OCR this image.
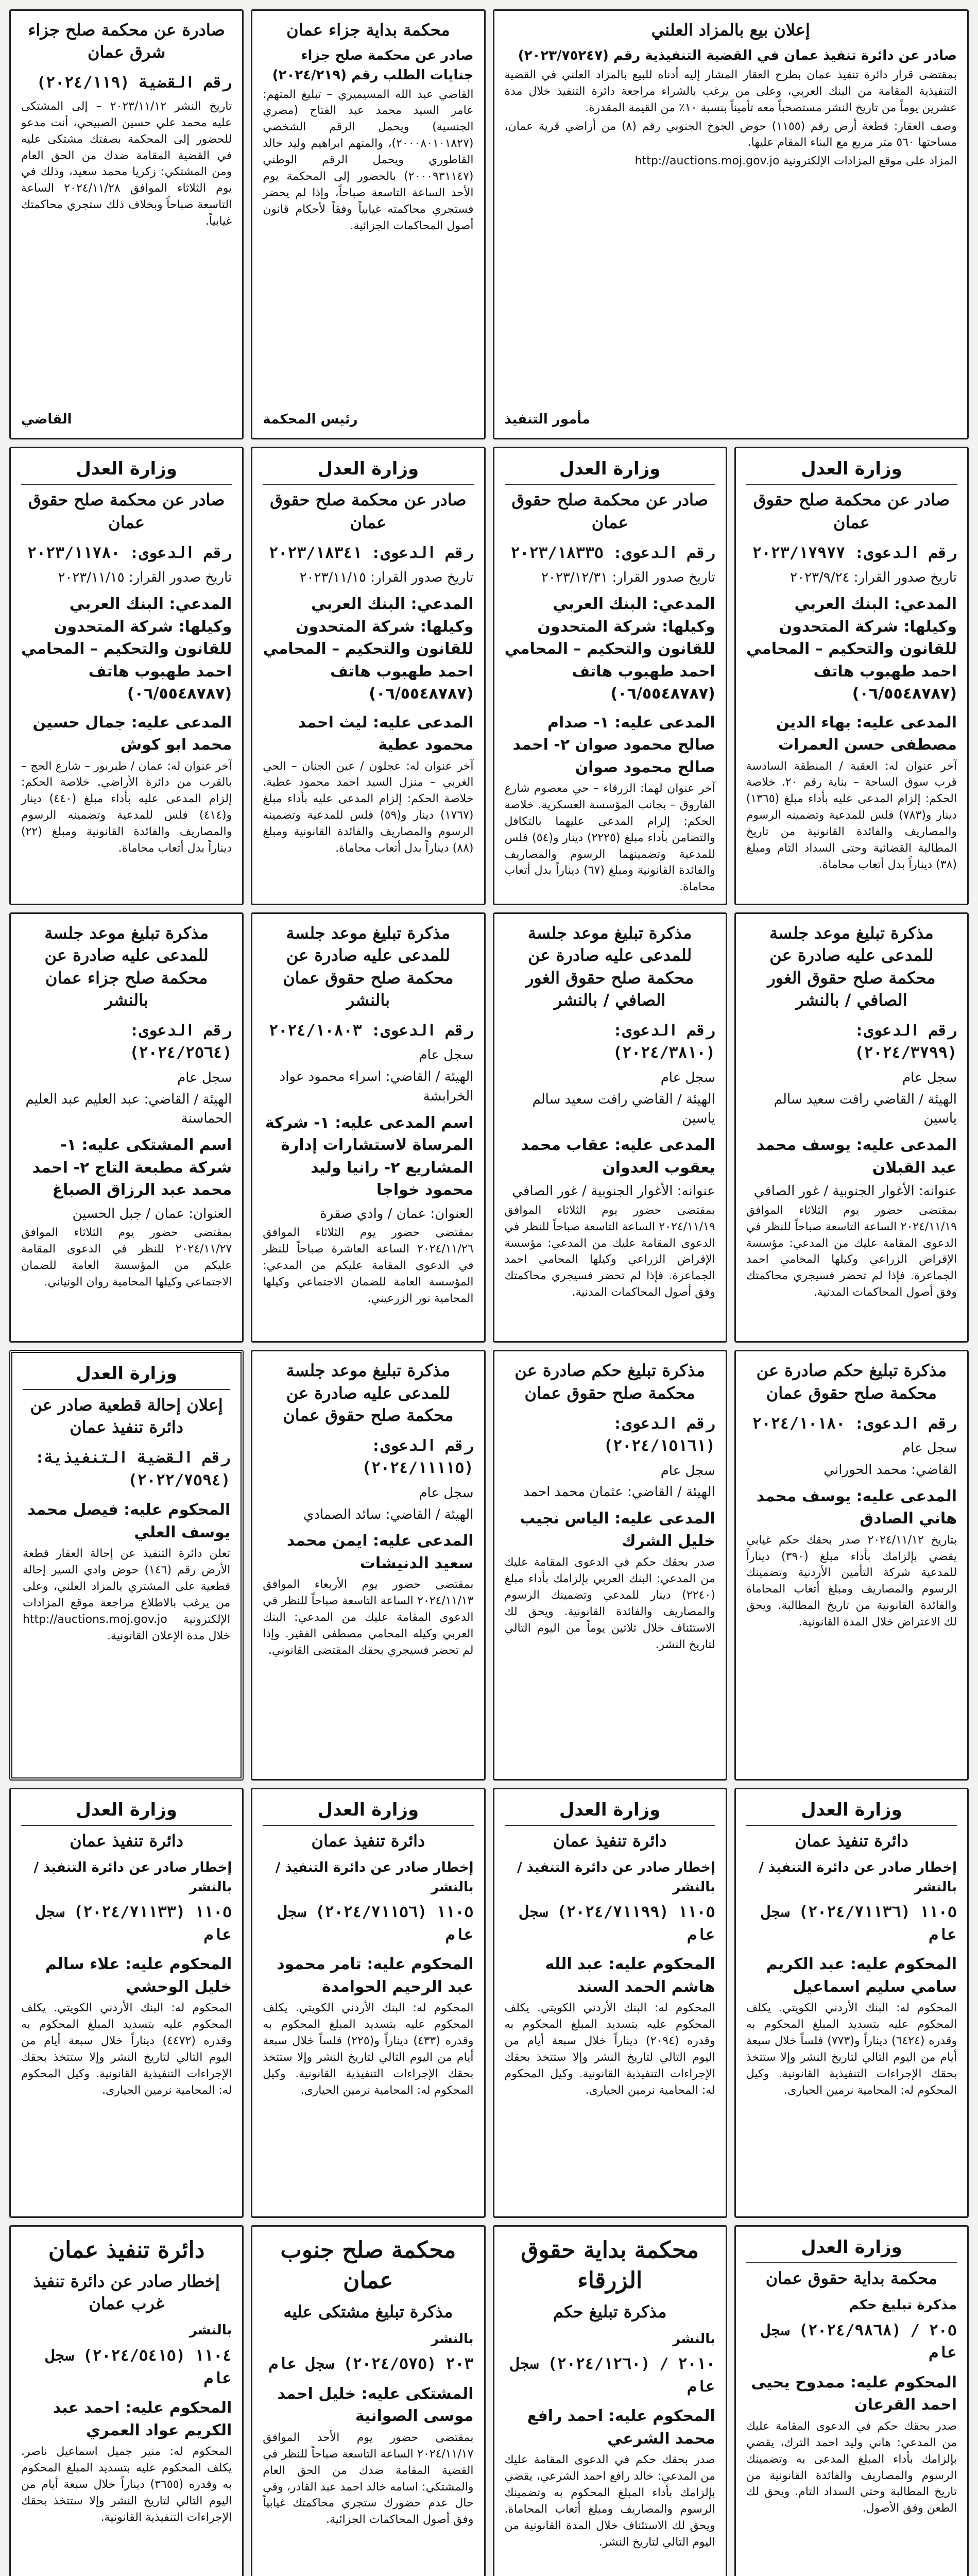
إعلان بيع بالمزاد العلني
صادر عن دائرة تنفيذ عمان في القضية التنفيذية رقم (٢٠٢٣/٧٥٢٤٧)
بمقتضى قرار دائرة تنفيذ عمان بطرح العقار المشار إليه أدناه للبيع بالمزاد العلني في القضية التنفيذية المقامة من البنك العربي، وعلى من يرغب بالشراء مراجعة دائرة التنفيذ خلال مدة عشرين يوماً من تاريخ النشر مستصحباً معه تأميناً بنسبة ١٠٪ من القيمة المقدرة.
وصف العقار: قطعة أرض رقم (١١٥٥) حوض الجوخ الجنوبي رقم (٨) من أراضي قرية عمان، مساحتها ٥٦٠ متر مربع مع البناء المقام عليها.
المزاد على موقع المزادات الإلكترونية http://auctions.moj.gov.jo
مأمور التنفيذ
محكمة بداية جزاء عمان
صادر عن محكمة صلح جزاء جنايات الطلب رقم (٢٠٢٤/٢١٩)
القاضي عبد الله المسيميري – تبليغ المتهم: عامر السيد محمد عبد الفتاح (مصري الجنسية) ويحمل الرقم الشخصي (٢٠٠٠٨٠١٠١٨٢٧)، والمتهم ابراهيم وليد خالد القاطوري ويحمل الرقم الوطني (٢٠٠٠٩٣١١٤٧) بالحضور إلى المحكمة يوم الأحد الساعة التاسعة صباحاً، وإذا لم يحضر فستجري محاكمته غيابياً وفقاً لأحكام قانون أصول المحاكمات الجزائية.
رئيس المحكمة
صادرة عن محكمة صلح جزاء شرق عمان
رقم القضية (٢٠٢٤/١١٩)
تاريخ النشر ٢٠٢٣/١١/١٢ – إلى المشتكى عليه محمد علي حسين الصبيحي، أنت مدعو للحضور إلى المحكمة بصفتك مشتكى عليه في القضية المقامة ضدك من الحق العام ومن المشتكي: زكريا محمد سعيد، وذلك في يوم الثلاثاء الموافق ٢٠٢٤/١١/٢٨ الساعة التاسعة صباحاً وبخلاف ذلك ستجري محاكمتك غيابياً.
القاضي
وزارة العدل
صادر عن محكمة صلح حقوق عمان
رقم الدعوى: ٢٠٢٣/١٧٩٧٧
تاريخ صدور القرار: ٢٠٢٣/٩/٢٤
المدعي: البنك العربي وكيلها: شركة المتحدون للقانون والتحكيم – المحامي احمد طهبوب هاتف (٠٦/٥٥٤٨٧٨٧)
المدعى عليه: بهاء الدين مصطفى حسن العمرات
آخر عنوان له: العقبة / المنطقة السادسة قرب سوق الساحة – بناية رقم ٢٠. خلاصة الحكم: إلزام المدعى عليه بأداء مبلغ (١٣٦٥) دينار و(٧٨٣) فلس للمدعية وتضمينه الرسوم والمصاريف والفائدة القانونية من تاريخ المطالبة القضائية وحتى السداد التام ومبلغ (٣٨) ديناراً بدل أتعاب محاماة.
وزارة العدل
صادر عن محكمة صلح حقوق عمان
رقم الدعوى: ٢٠٢٣/١٨٣٣٥
تاريخ صدور القرار: ٢٠٢٣/١٢/٣١
المدعي: البنك العربي وكيلها: شركة المتحدون للقانون والتحكيم – المحامي احمد طهبوب هاتف (٠٦/٥٥٤٨٧٨٧)
المدعى عليه: ١- صدام صالح محمود صوان ٢- احمد صالح محمود صوان
آخر عنوان لهما: الزرقاء – حي معصوم شارع الفاروق – بجانب المؤسسة العسكرية. خلاصة الحكم: إلزام المدعى عليهما بالتكافل والتضامن بأداء مبلغ (٢٢٢٥) دينار و(٥٤) فلس للمدعية وتضمينهما الرسوم والمصاريف والفائدة القانونية ومبلغ (٦٧) ديناراً بدل أتعاب محاماة.
وزارة العدل
صادر عن محكمة صلح حقوق عمان
رقم الدعوى: ٢٠٢٣/١٨٣٤١
تاريخ صدور القرار: ٢٠٢٣/١١/١٥
المدعي: البنك العربي وكيلها: شركة المتحدون للقانون والتحكيم – المحامي احمد طهبوب هاتف (٠٦/٥٥٤٨٧٨٧)
المدعى عليه: ليث احمد محمود عطية
آخر عنوان له: عجلون / عين الجنان – الحي الغربي – منزل السيد احمد محمود عطية. خلاصة الحكم: إلزام المدعى عليه بأداء مبلغ (١٧٦٧) دينار و(٥٩) فلس للمدعية وتضمينه الرسوم والمصاريف والفائدة القانونية ومبلغ (٨٨) ديناراً بدل أتعاب محاماة.
وزارة العدل
صادر عن محكمة صلح حقوق عمان
رقم الدعوى: ٢٠٢٣/١١٧٨٠
تاريخ صدور القرار: ٢٠٢٣/١١/١٥
المدعي: البنك العربي وكيلها: شركة المتحدون للقانون والتحكيم – المحامي احمد طهبوب هاتف (٠٦/٥٥٤٨٧٨٧)
المدعى عليه: جمال حسين محمد ابو كوش
آخر عنوان له: عمان / طبربور – شارع الحج – بالقرب من دائرة الأراضي. خلاصة الحكم: إلزام المدعى عليه بأداء مبلغ (٤٤٠) دينار و(٤١٤) فلس للمدعية وتضمينه الرسوم والمصاريف والفائدة القانونية ومبلغ (٢٢) ديناراً بدل أتعاب محاماة.
مذكرة تبليغ موعد جلسة للمدعى عليه صادرة عن محكمة صلح حقوق الغور الصافي / بالنشر
رقم الدعوى: (٢٠٢٤/٣٧٩٩)
سجل عام
الهيئة / القاضي رافت سعيد سالم ياسين
المدعى عليه: يوسف محمد عبد القبلان
عنوانه: الأغوار الجنوبية / غور الصافي
بمقتضى حضور يوم الثلاثاء الموافق ٢٠٢٤/١١/١٩ الساعة التاسعة صباحاً للنظر في الدعوى المقامة عليك من المدعي: مؤسسة الإقراض الزراعي وكيلها المحامي احمد الجماعرة. فإذا لم تحضر فسيجري محاكمتك وفق أصول المحاكمات المدنية.
مذكرة تبليغ موعد جلسة للمدعى عليه صادرة عن محكمة صلح حقوق الغور الصافي / بالنشر
رقم الدعوى: (٢٠٢٤/٣٨١٠)
سجل عام
الهيئة / القاضي رافت سعيد سالم ياسين
المدعى عليه: عقاب محمد يعقوب العدوان
عنوانه: الأغوار الجنوبية / غور الصافي
بمقتضى حضور يوم الثلاثاء الموافق ٢٠٢٤/١١/١٩ الساعة التاسعة صباحاً للنظر في الدعوى المقامة عليك من المدعي: مؤسسة الإقراض الزراعي وكيلها المحامي احمد الجماعرة. فإذا لم تحضر فسيجري محاكمتك وفق أصول المحاكمات المدنية.
مذكرة تبليغ موعد جلسة للمدعى عليه صادرة عن محكمة صلح حقوق عمان بالنشر
رقم الدعوى: ٢٠٢٤/١٠٨٠٣
سجل عام
الهيئة / القاضي: اسراء محمود عواد الخرابشة
اسم المدعى عليه: ١- شركة المرساة لاستشارات إدارة المشاريع ٢- رانيا وليد محمود خواجا
العنوان: عمان / وادي صقرة
بمقتضى حضور يوم الثلاثاء الموافق ٢٠٢٤/١١/٢٦ الساعة العاشرة صباحاً للنظر في الدعوى المقامة عليكم من المدعي: المؤسسة العامة للضمان الاجتماعي وكيلها المحامية نور الزرعيني.
مذكرة تبليغ موعد جلسة للمدعى عليه صادرة عن محكمة صلح جزاء عمان بالنشر
رقم الدعوى: (٢٠٢٤/٢٥٦٤)
سجل عام
الهيئة / القاضي: عبد العليم عبد العليم الحماسنة
اسم المشتكى عليه: ١- شركة مطبعة التاج ٢- احمد محمد عبد الرزاق الصباغ
العنوان: عمان / جبل الحسين
بمقتضى حضور يوم الثلاثاء الموافق ٢٠٢٤/١١/٢٧ للنظر في الدعوى المقامة عليكم من المؤسسة العامة للضمان الاجتماعي وكيلها المحامية روان الونياني.
مذكرة تبليغ حكم صادرة عن محكمة صلح حقوق عمان
رقم الدعوى: ٢٠٢٤/١٠١٨٠
سجل عام
القاضي: محمد الحوراني
المدعى عليه: يوسف محمد هاني الصادق
بتاريخ ٢٠٢٤/١١/١٢ صدر بحقك حكم غيابي يقضي بإلزامك بأداء مبلغ (٣٩٠) ديناراً للمدعية شركة التأمين الأردنية وتضمينك الرسوم والمصاريف ومبلغ أتعاب المحاماة والفائدة القانونية من تاريخ المطالبة. ويحق لك الاعتراض خلال المدة القانونية.
مذكرة تبليغ حكم صادرة عن محكمة صلح حقوق عمان
رقم الدعوى: (٢٠٢٤/١٥١٦١)
سجل عام
الهيئة / القاضي: عثمان محمد احمد
المدعى عليه: الياس نجيب خليل الشرك
صدر بحقك حكم في الدعوى المقامة عليك من المدعي: البنك العربي بإلزامك بأداء مبلغ (٢٢٤٠) دينار للمدعي وتضمينك الرسوم والمصاريف والفائدة القانونية. ويحق لك الاستئناف خلال ثلاثين يوماً من اليوم التالي لتاريخ النشر.
مذكرة تبليغ موعد جلسة للمدعى عليه صادرة عن محكمة صلح حقوق عمان
رقم الدعوى: (٢٠٢٤/١١١١٥)
سجل عام
الهيئة / القاضي: سائد الصمادي
المدعى عليه: ايمن محمد سعيد الدنيشات
بمقتضى حضور يوم الأربعاء الموافق ٢٠٢٤/١١/١٣ الساعة التاسعة صباحاً للنظر في الدعوى المقامة عليك من المدعي: البنك العربي وكيله المحامي مصطفى الفقير. وإذا لم تحضر فسيجري بحقك المقتضى القانوني.
وزارة العدل
إعلان إحالة قطعية صادر عن دائرة تنفيذ عمان
رقم القضية التنفيذية: (٢٠٢٢/٧٥٩٤)
المحكوم عليه: فيصل محمد يوسف العلي
تعلن دائرة التنفيذ عن إحالة العقار قطعة الأرض رقم (١٤٦) حوض وادي السير إحالة قطعية على المشتري بالمزاد العلني، وعلى من يرغب بالاطلاع مراجعة موقع المزادات الإلكترونية http://auctions.moj.gov.jo خلال مدة الإعلان القانونية.
وزارة العدل
دائرة تنفيذ عمان
إخطار صادر عن دائرة التنفيذ / بالنشر
١١٠٥ (٢٠٢٤/٧١١٣٦) سجل عام
المحكوم عليه: عبد الكريم سامي سليم اسماعيل
المحكوم له: البنك الأردني الكويتي. يكلف المحكوم عليه بتسديد المبلغ المحكوم به وقدره (٦٤٢٤) ديناراً و(٧٧٣) فلساً خلال سبعة أيام من اليوم التالي لتاريخ النشر وإلا ستتخذ بحقك الإجراءات التنفيذية القانونية. وكيل المحكوم له: المحامية نرمين الحيارى.
وزارة العدل
دائرة تنفيذ عمان
إخطار صادر عن دائرة التنفيذ / بالنشر
١١٠٥ (٢٠٢٤/٧١١٩٩) سجل عام
المحكوم عليه: عبد الله هاشم الحمد السند
المحكوم له: البنك الأردني الكويتي. يكلف المحكوم عليه بتسديد المبلغ المحكوم به وقدره (٢٠٩٤) ديناراً خلال سبعة أيام من اليوم التالي لتاريخ النشر وإلا ستتخذ بحقك الإجراءات التنفيذية القانونية. وكيل المحكوم له: المحامية نرمين الحيارى.
وزارة العدل
دائرة تنفيذ عمان
إخطار صادر عن دائرة التنفيذ / بالنشر
١١٠٥ (٢٠٢٤/٧١١٥٦) سجل عام
المحكوم عليه: تامر محمود عبد الرحيم الحوامدة
المحكوم له: البنك الأردني الكويتي. يكلف المحكوم عليه بتسديد المبلغ المحكوم به وقدره (٤٣٣) ديناراً و(٢٢٥) فلساً خلال سبعة أيام من اليوم التالي لتاريخ النشر وإلا ستتخذ بحقك الإجراءات التنفيذية القانونية. وكيل المحكوم له: المحامية نرمين الحيارى.
وزارة العدل
دائرة تنفيذ عمان
إخطار صادر عن دائرة التنفيذ / بالنشر
١١٠٥ (٢٠٢٤/٧١١٣٣) سجل عام
المحكوم عليه: علاء سالم خليل الوحشي
المحكوم له: البنك الأردني الكويتي. يكلف المحكوم عليه بتسديد المبلغ المحكوم به وقدره (٤٤٧٢) ديناراً خلال سبعة أيام من اليوم التالي لتاريخ النشر وإلا ستتخذ بحقك الإجراءات التنفيذية القانونية. وكيل المحكوم له: المحامية نرمين الحيارى.
وزارة العدل
محكمة بداية حقوق عمان
مذكرة تبليغ حكم
٢٠٥ / (٢٠٢٤/٩٨٦٨) سجل عام
المحكوم عليه: ممدوح يحيى احمد القرعان
صدر بحقك حكم في الدعوى المقامة عليك من المدعي: هاني وليد احمد الترك، يقضي بإلزامك بأداء المبلغ المدعى به وتضمينك الرسوم والمصاريف والفائدة القانونية من تاريخ المطالبة وحتى السداد التام. ويحق لك الطعن وفق الأصول.
محكمة بداية حقوق الزرقاء
مذكرة تبليغ حكم
بالنشر
٢٠١٠ / (٢٠٢٤/١٢٦٠) سجل عام
المحكوم عليه: احمد رافع محمد الشرعي
صدر بحقك حكم في الدعوى المقامة عليك من المدعي: خالد رافع احمد الشرعي، يقضي بإلزامك بأداء المبلغ المحكوم به وتضمينك الرسوم والمصاريف ومبلغ أتعاب المحاماة. ويحق لك الاستئناف خلال المدة القانونية من اليوم التالي لتاريخ النشر.
محكمة صلح جنوب عمان
مذكرة تبليغ مشتكى عليه
بالنشر
٢٠٣ (٢٠٢٤/٥٧٥) سجل عام
المشتكى عليه: خليل احمد موسى الصوانية
بمقتضى حضور يوم الأحد الموافق ٢٠٢٤/١١/١٧ الساعة التاسعة صباحاً للنظر في القضية المقامة ضدك من الحق العام والمشتكي: اسامه خالد احمد عبد القادر، وفي حال عدم حضورك ستجري محاكمتك غيابياً وفق أصول المحاكمات الجزائية.
دائرة تنفيذ عمان
إخطار صادر عن دائرة تنفيذ غرب عمان
بالنشر
١١٠٤ (٢٠٢٤/٥٤١٥) سجل عام
المحكوم عليه: احمد عبد الكريم عواد العمري
المحكوم له: منير جميل اسماعيل ناصر. يكلف المحكوم عليه بتسديد المبلغ المحكوم به وقدره (٣٦٥٥) ديناراً خلال سبعة أيام من اليوم التالي لتاريخ النشر وإلا ستتخذ بحقك الإجراءات التنفيذية القانونية.
